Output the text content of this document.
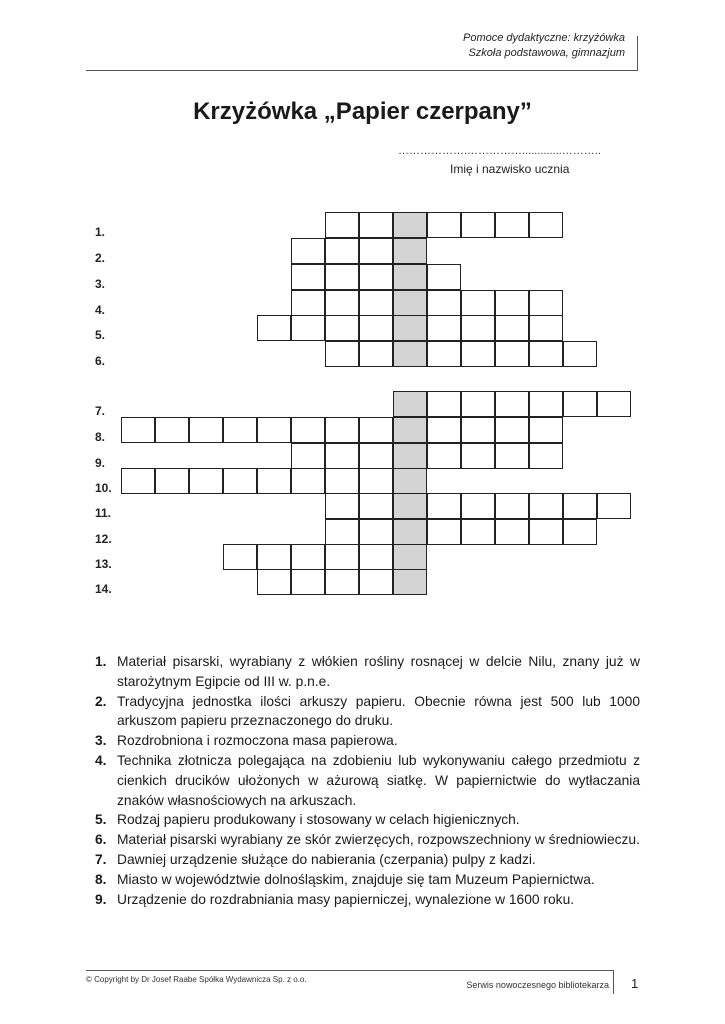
Pomoce dydaktyczne: krzyżówka
Szkoła podstawowa, gimnazjum
Krzyżówka „Papier czerpany”
……………….…………….............………..
Imię i nazwisko ucznia
1.
2.
3.
4.
5.
6.
7.
8.
9.
10.
11.
12.
13.
14.
1. Materiał pisarski, wyrabiany z włókien rośliny rosnącej w delcie Nilu, znany już w starożytnym Egipcie od III w. p.n.e.
2. Tradycyjna jednostka ilości arkuszy papieru. Obecnie równa jest 500 lub 1000 arkuszom papieru przeznaczonego do druku.
3. Rozdrobniona i rozmoczona masa papierowa.
4. Technika złotnicza polegająca na zdobieniu lub wykonywaniu całego przedmiotu z cienkich drucików ułożonych w ażurową siatkę. W papiernictwie do wytłaczania znaków własnościowych na arkuszach.
5. Rodzaj papieru produkowany i stosowany w celach higienicznych.
6. Materiał pisarski wyrabiany ze skór zwierzęcych, rozpowszechniony w średniowieczu.
7. Dawniej urządzenie służące do nabierania (czerpania) pulpy z kadzi.
8. Miasto w województwie dolnośląskim, znajduje się tam Muzeum Papiernictwa.
9. Urządzenie do rozdrabniania masy papierniczej, wynalezione w 1600 roku.
© Copyright by Dr Josef Raabe Spółka Wydawnicza Sp. z o.o.
Serwis nowoczesnego bibliotekarza 1
